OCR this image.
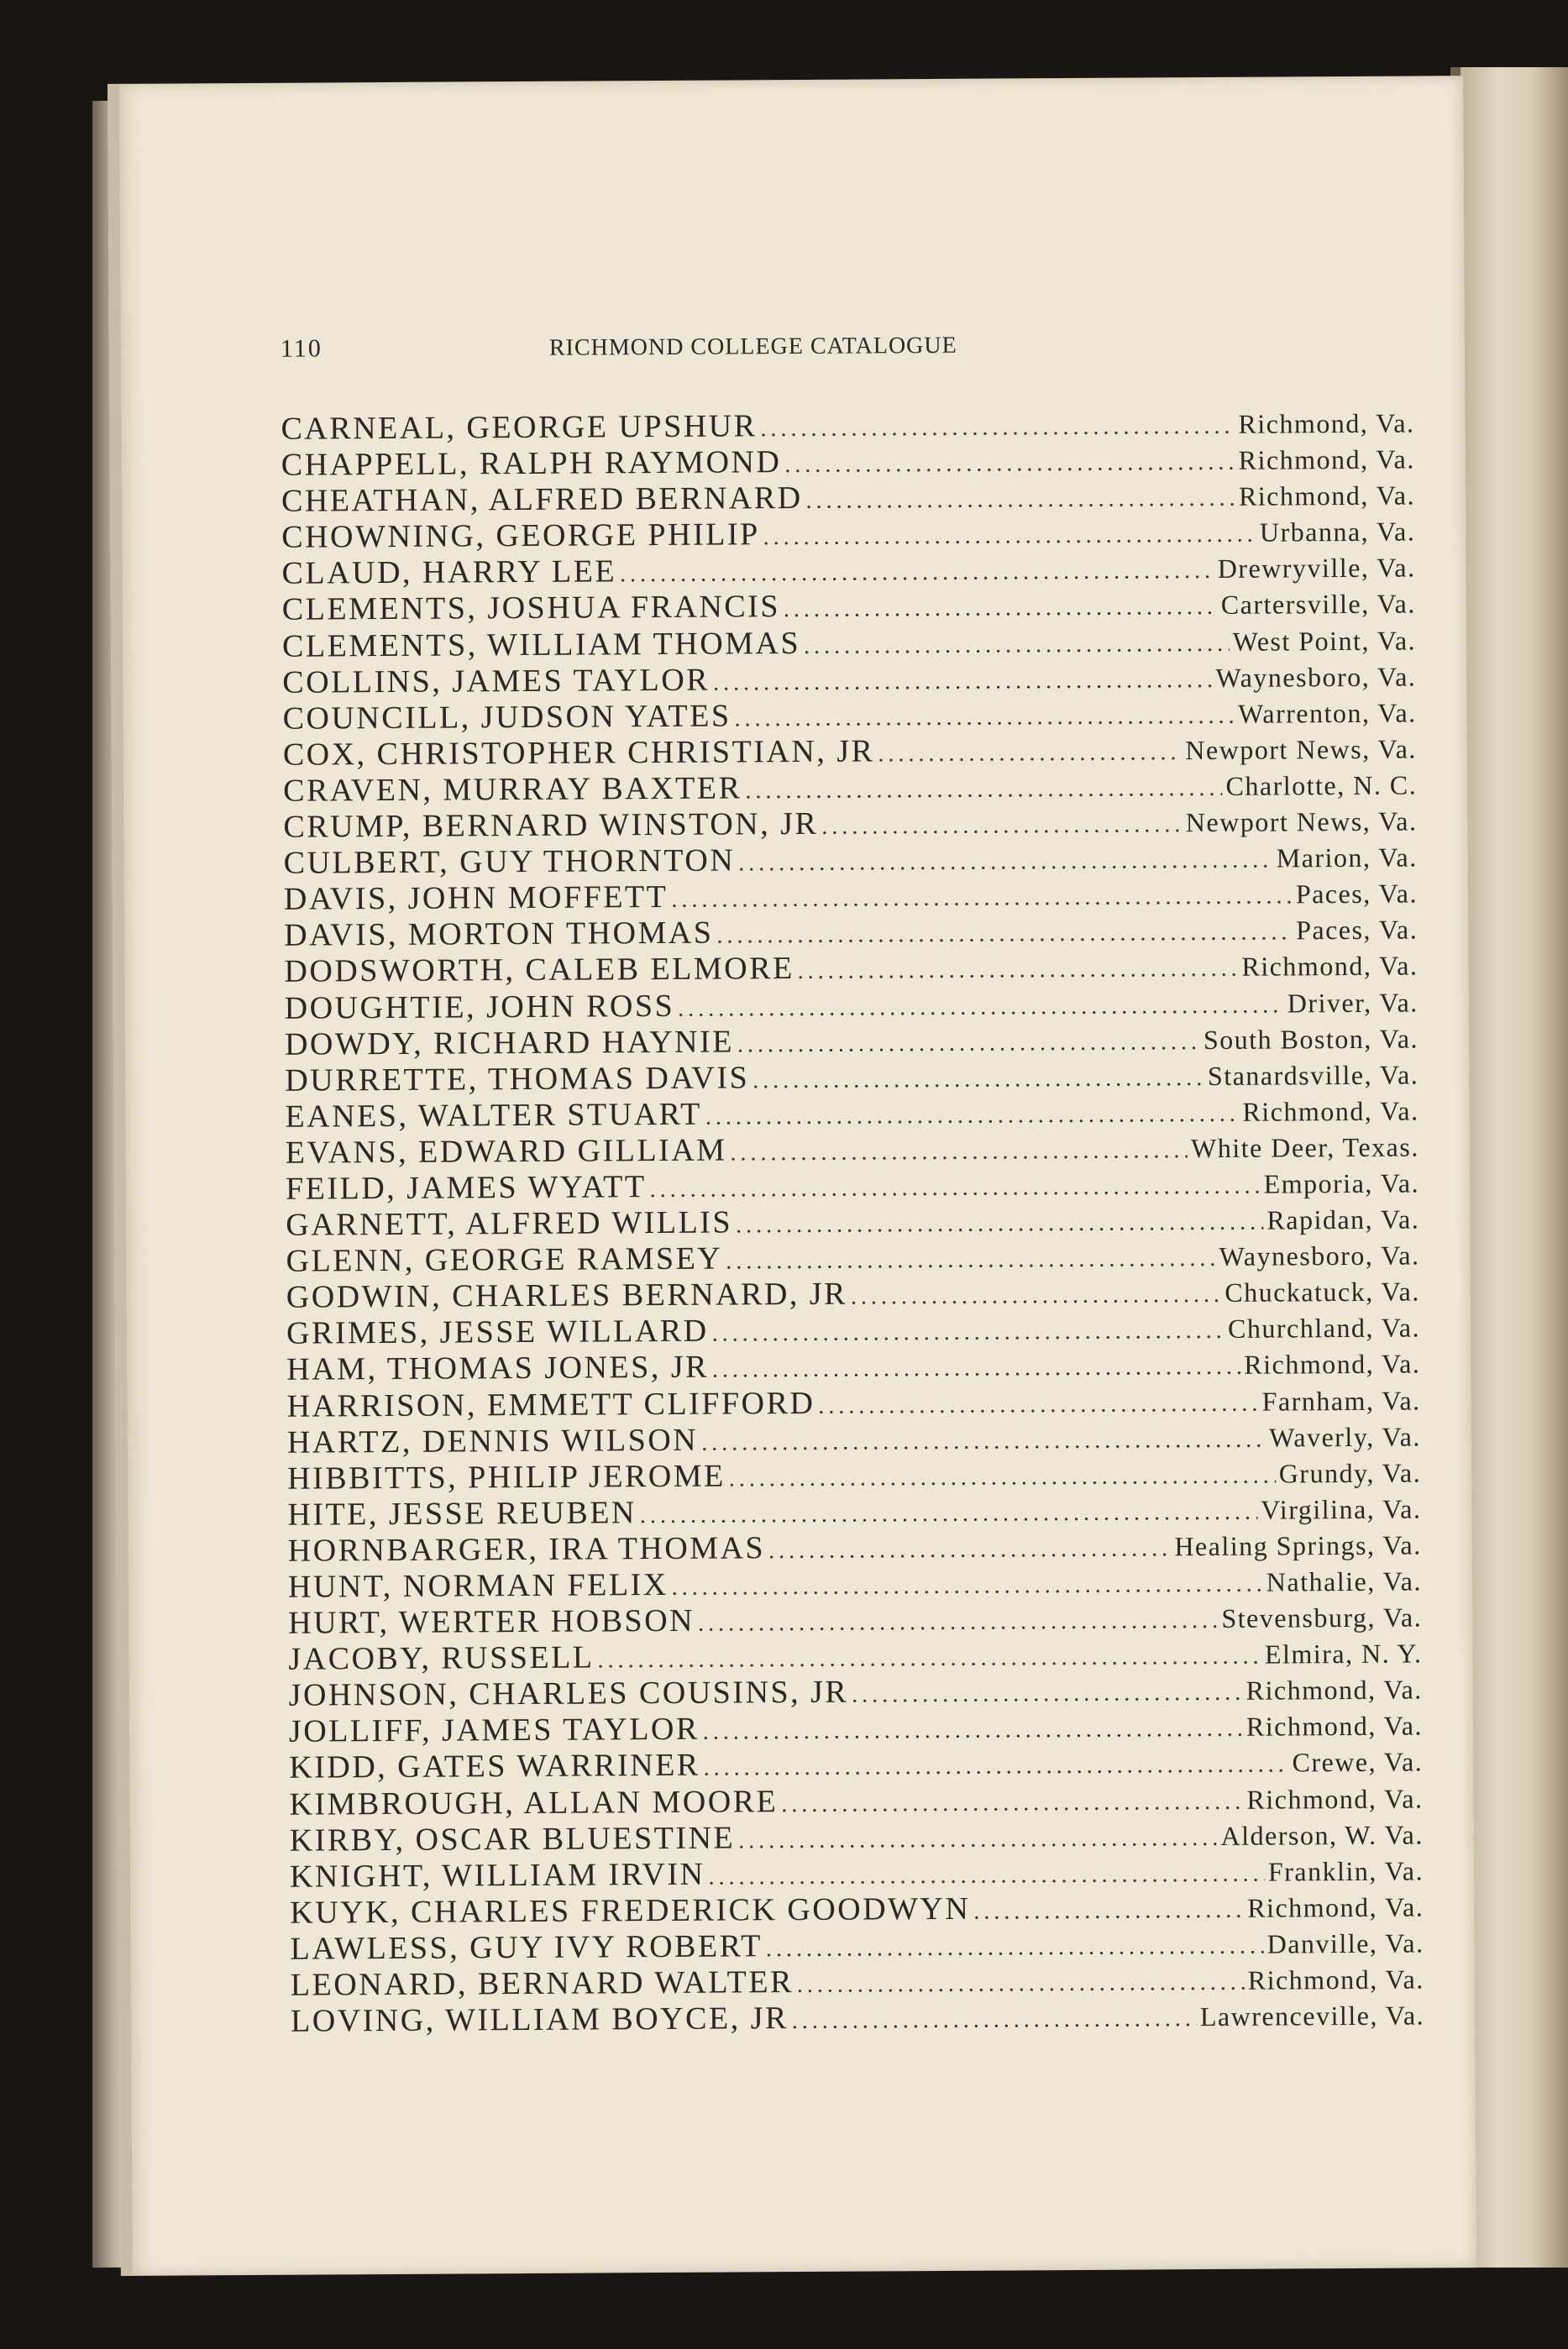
110	RICHMOND COLLEGE CATALOGUE
CARNEAL, GEORGE UPSHUR .....	Richmond, Va.
CHAPPELL, RALPH RAYMOND .....	Richmond, Va.
CHEATHAN, ALFRED BERNARD .....	Richmond, Va.
CHOWNING, GEORGE PHILIP .....	Urbanna, Va.
CLAUD, HARRY LEE .....	Drewryville, Va.
CLEMENTS, JOSHUA FRANCIS .....	Cartersville, Va.
CLEMENTS, WILLIAM THOMAS .....	West Point, Va.
COLLINS, JAMES TAYLOR .....	Waynesboro, Va.
COUNCILL, JUDSON YATES .....	Warrenton, Va.
COX, CHRISTOPHER CHRISTIAN, JR .....	Newport News, Va.
CRAVEN, MURRAY BAXTER .....	Charlotte, N. C.
CRUMP, BERNARD WINSTON, JR .....	Newport News, Va.
CULBERT, GUY THORNTON .....	Marion, Va.
DAVIS, JOHN MOFFETT .....	Paces, Va.
DAVIS, MORTON THOMAS .....	Paces, Va.
DODSWORTH, CALEB ELMORE .....	Richmond, Va.
DOUGHTIE, JOHN ROSS .....	Driver, Va.
DOWDY, RICHARD HAYNIE .....	South Boston, Va.
DURRETTE, THOMAS DAVIS .....	Stanardsville, Va.
EANES, WALTER STUART .....	Richmond, Va.
EVANS, EDWARD GILLIAM .....	White Deer, Texas.
FEILD, JAMES WYATT .....	Emporia, Va.
GARNETT, ALFRED WILLIS .....	Rapidan, Va.
GLENN, GEORGE RAMSEY .....	Waynesboro, Va.
GODWIN, CHARLES BERNARD, JR .....	Chuckatuck, Va.
GRIMES, JESSE WILLARD .....	Churchland, Va.
HAM, THOMAS JONES, JR .....	Richmond, Va.
HARRISON, EMMETT CLIFFORD .....	Farnham, Va.
HARTZ, DENNIS WILSON .....	Waverly, Va.
HIBBITTS, PHILIP JEROME .....	Grundy, Va.
HITE, JESSE REUBEN .....	Virgilina, Va.
HORNBARGER, IRA THOMAS .....	Healing Springs, Va.
HUNT, NORMAN FELIX .....	Nathalie, Va.
HURT, WERTER HOBSON .....	Stevensburg, Va.
JACOBY, RUSSELL .....	Elmira, N. Y.
JOHNSON, CHARLES COUSINS, JR .....	Richmond, Va.
JOLLIFF, JAMES TAYLOR .....	Richmond, Va.
KIDD, GATES WARRINER .....	Crewe, Va.
KIMBROUGH, ALLAN MOORE .....	Richmond, Va.
KIRBY, OSCAR BLUESTINE .....	Alderson, W. Va.
KNIGHT, WILLIAM IRVIN .....	Franklin, Va.
KUYK, CHARLES FREDERICK GOODWYN .....	Richmond, Va.
LAWLESS, GUY IVY ROBERT .....	Danville, Va.
LEONARD, BERNARD WALTER .....	Richmond, Va.
LOVING, WILLIAM BOYCE, JR .....	Lawrenceville, Va.
